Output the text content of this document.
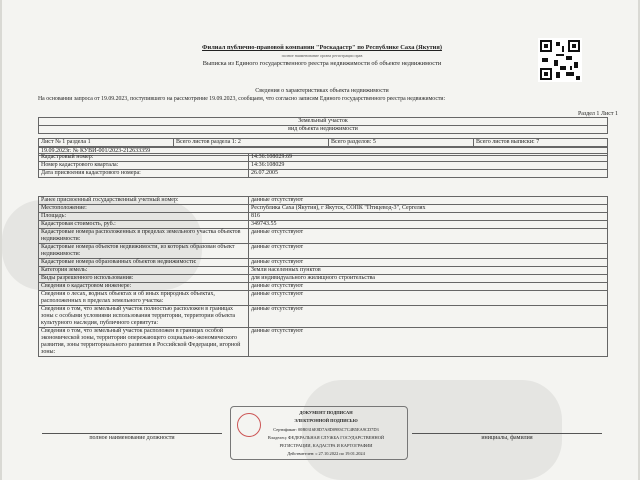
Филиал публично-правовой компании "Роскадастр" по Республике Саха (Якутия)
полное наименование органа регистрации прав
Выписка из Единого государственного реестра недвижимости об объекте недвижимости
Сведения о характеристиках объекта недвижимости
На основании запроса от 19.09.2023, поступившего на рассмотрение 19.09.2023, сообщаем, что согласно записям Единого государственного реестра недвижимости:
Раздел 1 Лист 1
Земельный участок
вид объекта недвижимости
Лист № 1 раздела 1	Всего листов раздела 1: 2	Всего разделов: 5	Всего листов выписки: 7
19.09.2023г. № КУВИ-001/2023-212633359
Кадастровый номер:	14:36:108029:69
Номер кадастрового квартала:	14:36:108029
Дата присвоения кадастрового номера:	26.07.2005
Ранее присвоенный государственный учетный номер:	данные отсутствуют
Местоположение:	Республика Саха (Якутия), г Якутск, СОПК "Птицевод-3", Сергелях
Площадь:	816
Кадастровая стоимость, руб.:	349743.55
Кадастровые номера расположенных в пределах земельного участка объектов недвижимости:	данные отсутствуют
Кадастровые номера объектов недвижимости, из которых образован объект недвижимости:	данные отсутствуют
Кадастровые номера образованных объектов недвижимости:	данные отсутствуют
Категория земель:	Земли населенных пунктов
Виды разрешенного использования:	для индивидуального жилищного строительства
Сведения о кадастровом инженере:	данные отсутствуют
Сведения о лесах, водных объектах и об иных природных объектах, расположенных в пределах земельного участка:	данные отсутствуют
Сведения о том, что земельный участок полностью расположен в границах зоны с особыми условиями использования территории, территории объекта культурного наследия, публичного сервитута:	данные отсутствуют
Сведения о том, что земельный участок расположен в границах особой экономической зоны, территории опережающего социально-экономического развития, зоны территориального развития в Российской Федерации, игорной зоны:	данные отсутствуют
ДОКУМЕНТ ПОДПИСАН
ЭЛЕКТРОННОЙ ПОДПИСЬЮ
Сертификат: 00B0316E8D7A8D0983C7C4B5EA9CD7D3
Владелец: ФЕДЕРАЛЬНАЯ СЛУЖБА ГОСУДАРСТВЕННОЙ
РЕГИСТРАЦИИ, КАДАСТРА И КАРТОГРАФИИ
Действителен: с 27.10.2022 по 19.01.2024
полное наименование должности	инициалы, фамилия
